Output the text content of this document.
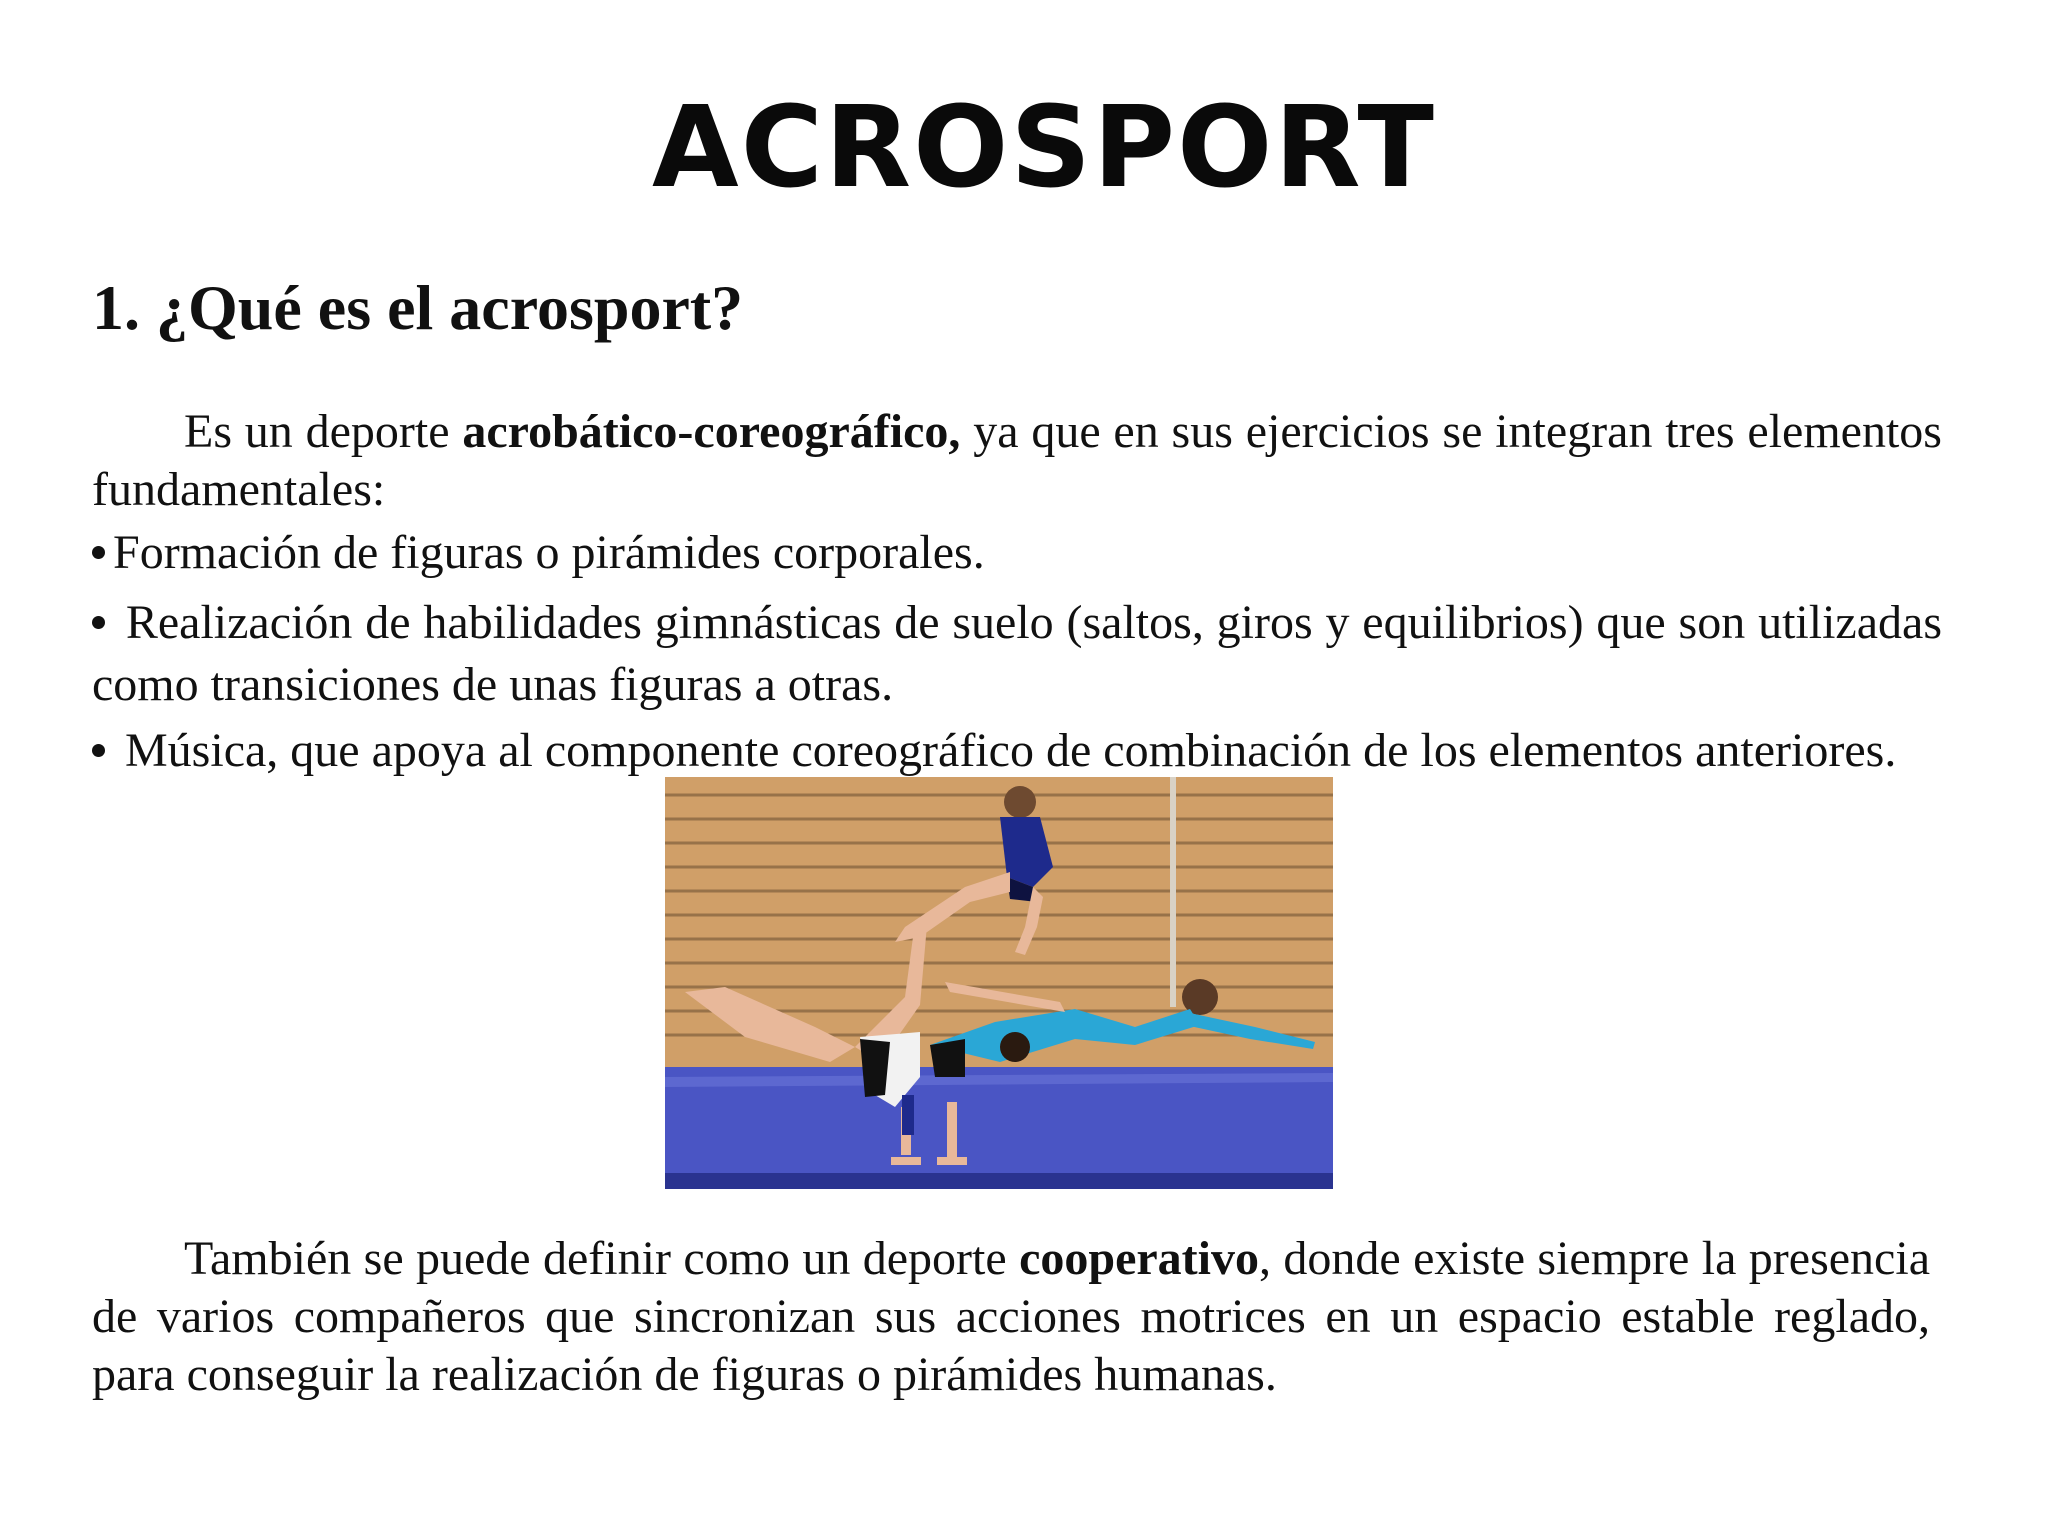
ACROSPORT
1. ¿Qué es el acrosport?

Es un deporte acrobático-coreográfico, ya que en sus ejercicios se integran tres elementos fundamentales:

Formación de figuras o pirámides corporales.

Realización de habilidades gimnásticas de suelo (saltos, giros y equilibrios) que son utilizadas como transiciones de unas figuras a otras.

Música, que apoya al componente coreográfico de combinación de los elementos anteriores.

También se puede definir como un deporte cooperativo, donde existe siempre la presencia de varios compañeros que sincronizan sus acciones motrices en un espacio estable reglado, para conseguir la realización de figuras o pirámides humanas.
